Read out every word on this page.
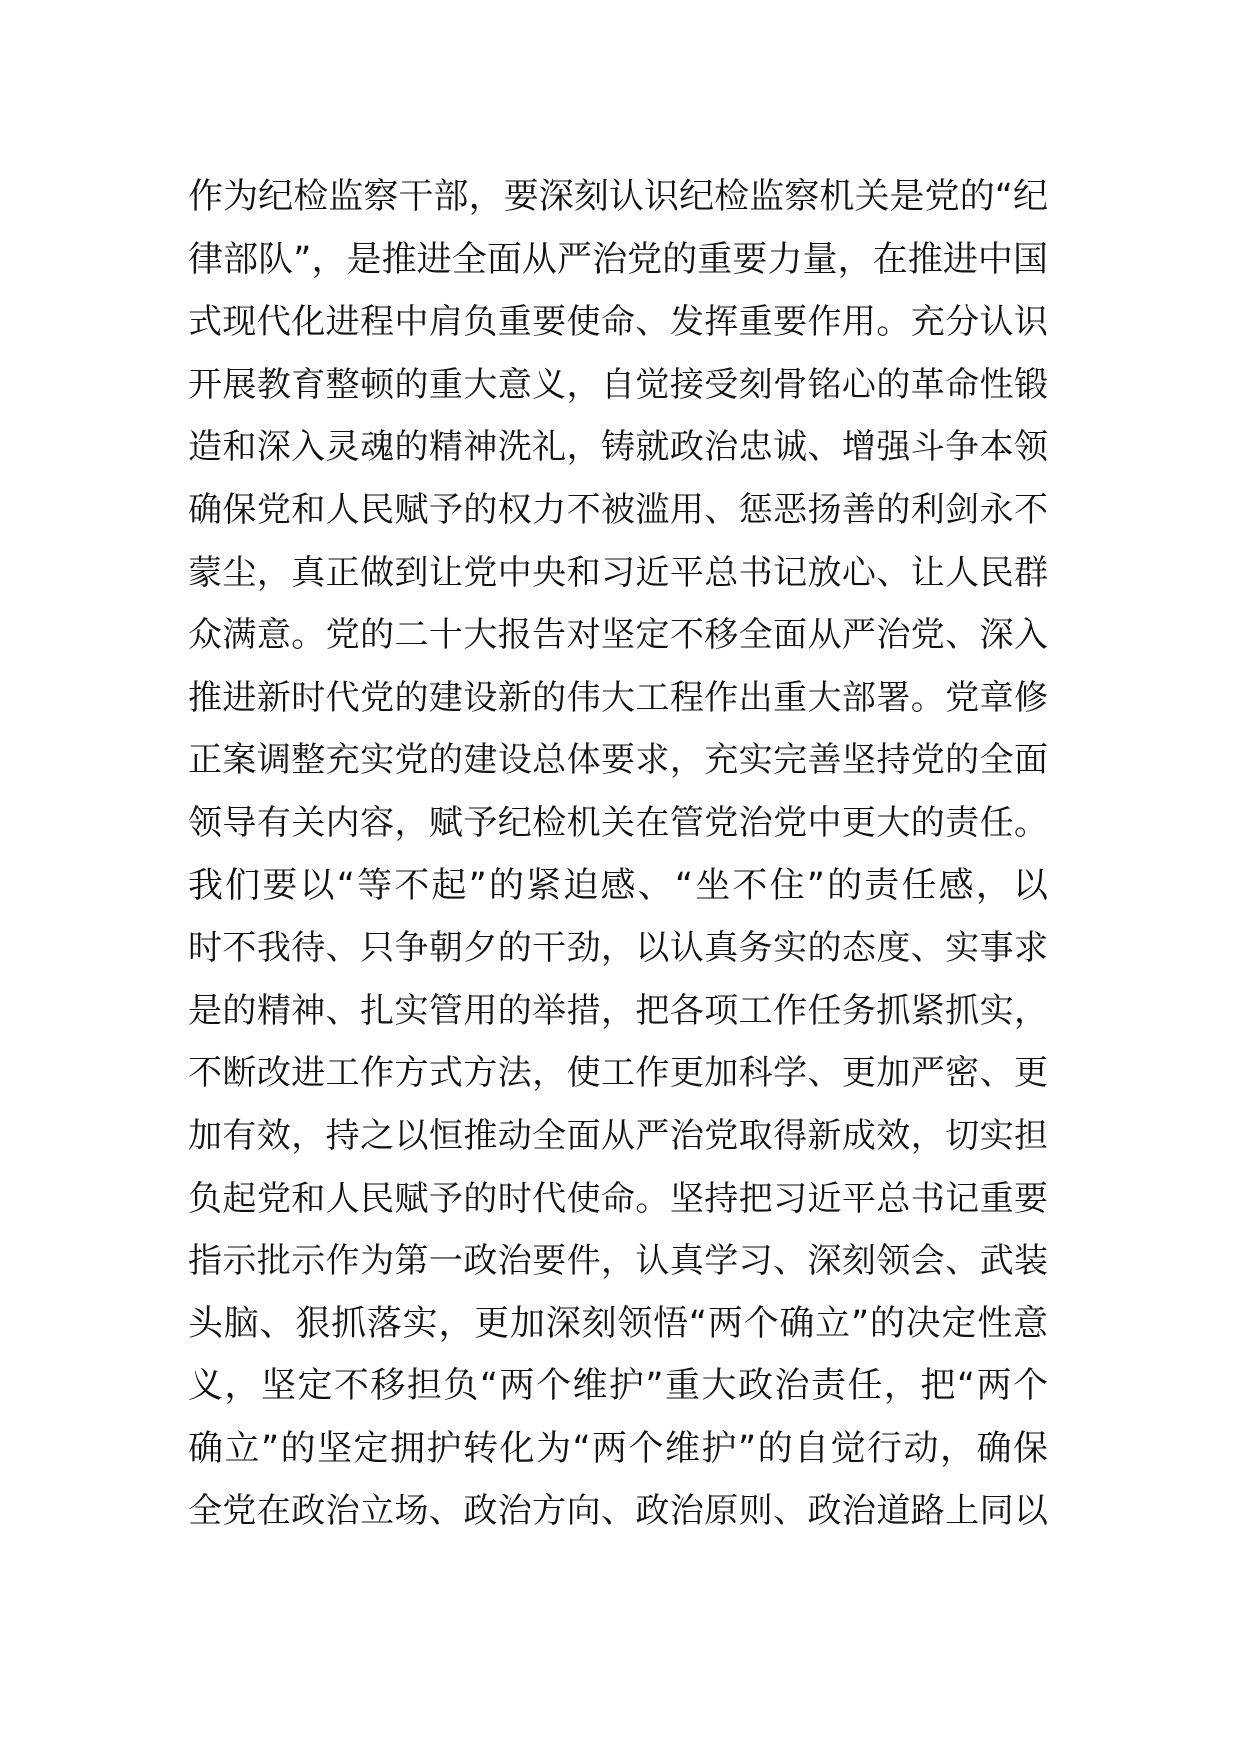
作为纪检监察干部，要深刻认识纪检监察机关是党的“纪
律部队”，是推进全面从严治党的重要力量，在推进中国
式现代化进程中肩负重要使命、发挥重要作用。充分认识
开展教育整顿的重大意义，自觉接受刻骨铭心的革命性锻
造和深入灵魂的精神洗礼，铸就政治忠诚、增强斗争本领
确保党和人民赋予的权力不被滥用、惩恶扬善的利剑永不
蒙尘，真正做到让党中央和习近平总书记放心、让人民群
众满意。党的二十大报告对坚定不移全面从严治党、深入
推进新时代党的建设新的伟大工程作出重大部署。党章修
正案调整充实党的建设总体要求，充实完善坚持党的全面
领导有关内容，赋予纪检机关在管党治党中更大的责任。
我们要以“等不起”的紧迫感、“坐不住”的责任感，以
时不我待、只争朝夕的干劲，以认真务实的态度、实事求
是的精神、扎实管用的举措，把各项工作任务抓紧抓实，
不断改进工作方式方法，使工作更加科学、更加严密、更
加有效，持之以恒推动全面从严治党取得新成效，切实担
负起党和人民赋予的时代使命。坚持把习近平总书记重要
指示批示作为第一政治要件，认真学习、深刻领会、武装
头脑、狠抓落实，更加深刻领悟“两个确立”的决定性意
义，坚定不移担负“两个维护”重大政治责任，把“两个
确立”的坚定拥护转化为“两个维护”的自觉行动，确保
全党在政治立场、政治方向、政治原则、政治道路上同以
